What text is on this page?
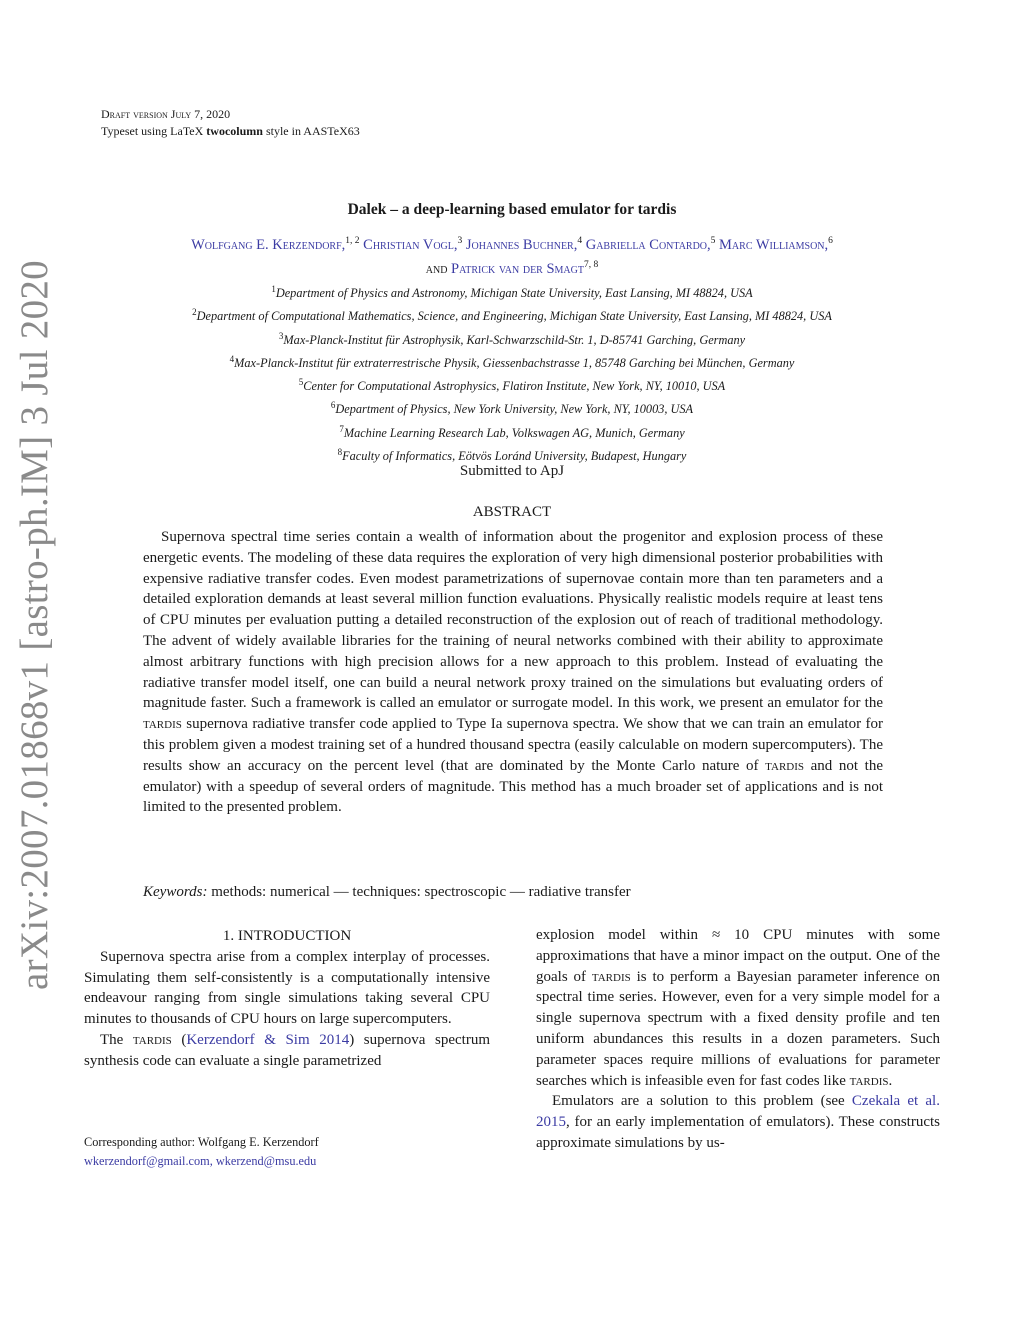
arXiv:2007.01868v1 [astro-ph.IM] 3 Jul 2020
Draft version July 7, 2020
Typeset using LaTeX twocolumn style in AASTeX63
Dalek – a deep-learning based emulator for tardis
Wolfgang E. Kerzendorf,$^{1, 2}$ Christian Vogl,$^3$ Johannes Buchner,$^4$ Gabriella Contardo,$^5$ Marc Williamson,$^6$
and Patrick van der Smagt$^{7, 8}$
$^1$Department of Physics and Astronomy, Michigan State University, East Lansing, MI 48824, USA
$^2$Department of Computational Mathematics, Science, and Engineering, Michigan State University, East Lansing, MI 48824, USA
$^3$Max-Planck-Institut für Astrophysik, Karl-Schwarzschild-Str. 1, D-85741 Garching, Germany
$^4$Max-Planck-Institut für extraterrestrische Physik, Giessenbachstrasse 1, 85748 Garching bei München, Germany
$^5$Center for Computational Astrophysics, Flatiron Institute, New York, NY, 10010, USA
$^6$Department of Physics, New York University, New York, NY, 10003, USA
$^7$Machine Learning Research Lab, Volkswagen AG, Munich, Germany
$^8$Faculty of Informatics, Eötvös Loránd University, Budapest, Hungary
Submitted to ApJ
ABSTRACT

Supernova spectral time series contain a wealth of information about the progenitor and explosion process of these energetic events. The modeling of these data requires the exploration of very high dimensional posterior probabilities with expensive radiative transfer codes. Even modest parametrizations of supernovae contain more than ten parameters and a detailed exploration demands at least several million function evaluations. Physically realistic models require at least tens of CPU minutes per evaluation putting a detailed reconstruction of the explosion out of reach of traditional methodology. The advent of widely available libraries for the training of neural networks combined with their ability to approximate almost arbitrary functions with high precision allows for a new approach to this problem. Instead of evaluating the radiative transfer model itself, one can build a neural network proxy trained on the simulations but evaluating orders of magnitude faster. Such a framework is called an emulator or surrogate model. In this work, we present an emulator for the tardis supernova radiative transfer code applied to Type Ia supernova spectra. We show that we can train an emulator for this problem given a modest training set of a hundred thousand spectra (easily calculable on modern supercomputers). The results show an accuracy on the percent level (that are dominated by the Monte Carlo nature of tardis and not the emulator) with a speedup of several orders of magnitude. This method has a much broader set of applications and is not limited to the presented problem.

Keywords: methods: numerical — techniques: spectroscopic — radiative transfer

1. INTRODUCTION

Supernova spectra arise from a complex interplay of processes. Simulating them self-consistently is a computationally intensive endeavour ranging from single simulations taking several CPU minutes to thousands of CPU hours on large supercomputers.

The tardis (Kerzendorf & Sim 2014) supernova spectrum synthesis code can evaluate a single parametrized

explosion model within ≈ 10 CPU minutes with some approximations that have a minor impact on the output. One of the goals of tardis is to perform a Bayesian parameter inference on spectral time series. However, even for a very simple model for a single supernova spectrum with a fixed density profile and ten uniform abundances this results in a dozen parameters. Such parameter spaces require millions of evaluations for parameter searches which is infeasible even for fast codes like tardis.

Emulators are a solution to this problem (see Czekala et al. 2015, for an early implementation of emulators). These constructs approximate simulations by us-

Corresponding author: Wolfgang E. Kerzendorf
wkerzendorf@gmail.com, wkerzend@msu.edu
